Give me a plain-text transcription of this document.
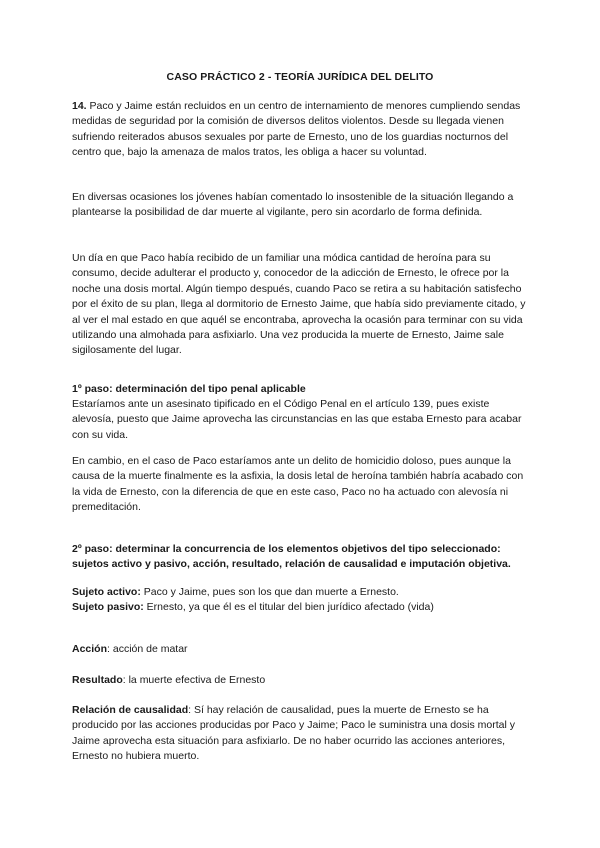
CASO PRÁCTICO 2 - TEORÍA JURÍDICA DEL DELITO

14. Paco y Jaime están recluidos en un centro de internamiento de menores cumpliendo sendas medidas de seguridad por la comisión de diversos delitos violentos. Desde su llegada vienen sufriendo reiterados abusos sexuales por parte de Ernesto, uno de los guardias nocturnos del centro que, bajo la amenaza de malos tratos, les obliga a hacer su voluntad.

En diversas ocasiones los jóvenes habían comentado lo insostenible de la situación llegando a plantearse la posibilidad de dar muerte al vigilante, pero sin acordarlo de forma definida.

Un día en que Paco había recibido de un familiar una módica cantidad de heroína para su consumo, decide adulterar el producto y, conocedor de la adicción de Ernesto, le ofrece por la noche una dosis mortal. Algún tiempo después, cuando Paco se retira a su habitación satisfecho por el éxito de su plan, llega al dormitorio de Ernesto Jaime, que había sido previamente citado, y al ver el mal estado en que aquél se encontraba, aprovecha la ocasión para terminar con su vida utilizando una almohada para asfixiarlo. Una vez producida la muerte de Ernesto, Jaime sale sigilosamente del lugar.

1º paso: determinación del tipo penal aplicable

Estaríamos ante un asesinato tipificado en el Código Penal en el artículo 139, pues existe alevosía, puesto que Jaime aprovecha las circunstancias en las que estaba Ernesto para acabar con su vida.

En cambio, en el caso de Paco estaríamos ante un delito de homicidio doloso, pues aunque la causa de la muerte finalmente es la asfixia, la dosis letal de heroína también habría acabado con la vida de Ernesto, con la diferencia de que en este caso, Paco no ha actuado con alevosía ni premeditación.

2º paso: determinar la concurrencia de los elementos objetivos del tipo seleccionado: sujetos activo y pasivo, acción, resultado, relación de causalidad e imputación objetiva.

Sujeto activo: Paco y Jaime, pues son los que dan muerte a Ernesto.

Sujeto pasivo: Ernesto, ya que él es el titular del bien jurídico afectado (vida)

Acción: acción de matar

Resultado: la muerte efectiva de Ernesto

Relación de causalidad: Sí hay relación de causalidad, pues la muerte de Ernesto se ha producido por las acciones producidas por Paco y Jaime; Paco le suministra una dosis mortal y Jaime aprovecha esta situación para asfixiarlo. De no haber ocurrido las acciones anteriores, Ernesto no hubiera muerto.
